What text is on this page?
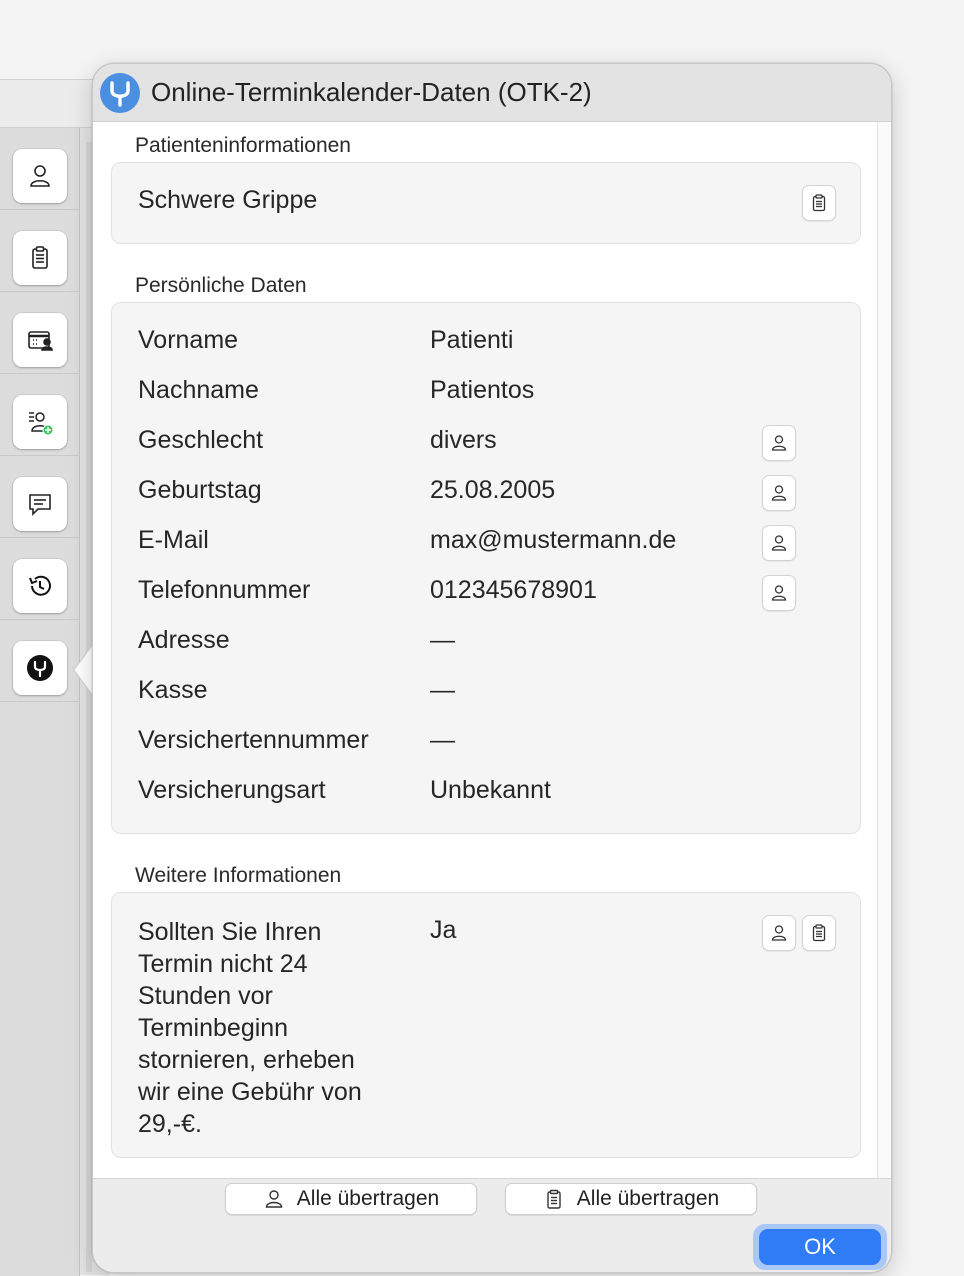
Online-Terminkalender-Daten (OTK-2)
Patienteninformationen
Schwere Grippe
Persönliche Daten
Vorname	Patienti
Nachname	Patientos
Geschlecht	divers
Geburtstag	25.08.2005
E-Mail	max@mustermann.de
Telefonnummer	012345678901
Adresse	—
Kasse	—
Versichertennummer —
Versicherungsart	Unbekannt
Weitere Informationen
Sollten Sie Ihren
Termin nicht 24
Stunden vor
Terminbeginn
stornieren, erheben
wir eine Gebühr von
29,-€.
Ja
Alle übertragen	Alle übertragen
OK
